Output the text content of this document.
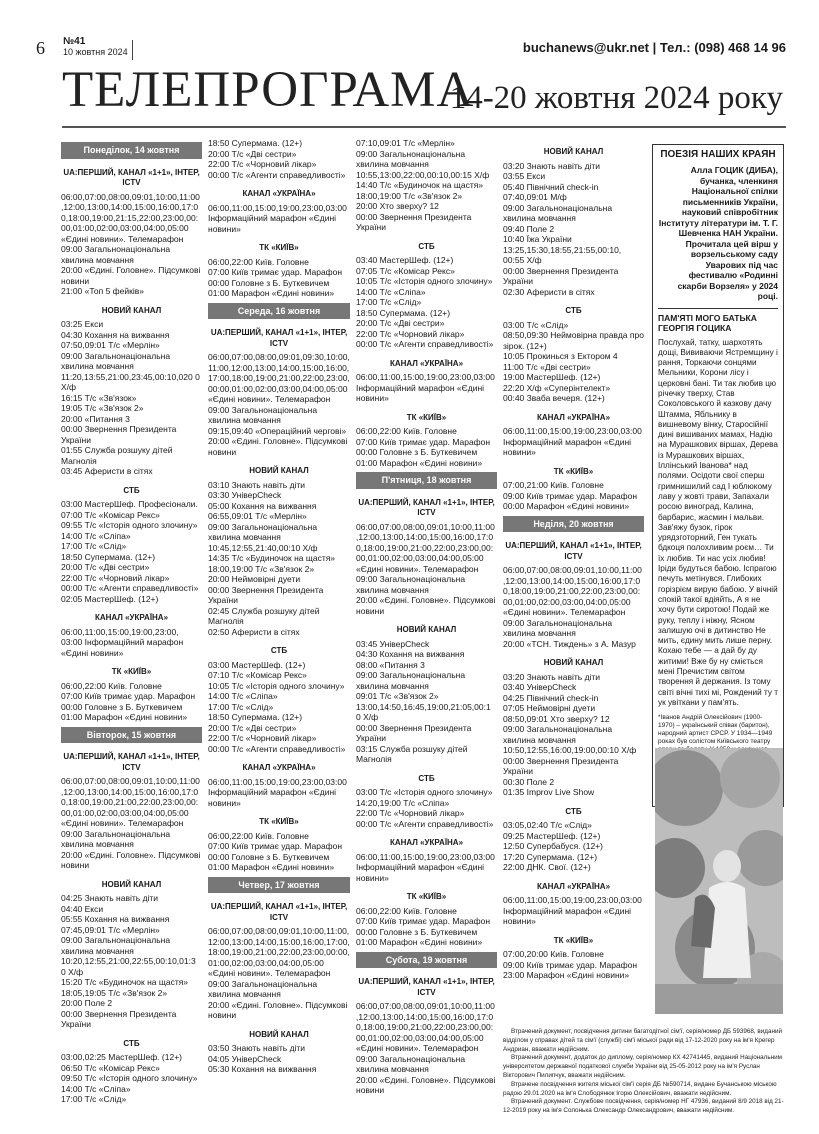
6 №41
10 жовтня 2024	buchanews@ukr.net | Тел.: (098) 468 14 96
ТЕЛЕПРОГРАМА
14-20 жовтня 2024 року
Понеділок, 14 жовтня
UA:ПЕРШИЙ, КАНАЛ «1+1», ІНТЕР, ICTV
06:00,07:00,08:00,09:01,10:00,11:00,12:00,13:00,14:00,15:00,16:00,17:00,18:00,19:00,21:15,22:00,23:00,00:00,01:00,02:00,03:00,04:00,05:00 «Єдині новини». Телемарафон
09:00 Загальнонаціональна хвилина мовчання
20:00 «Єдині. Головне». Підсумкові новини
21:00 «Топ 5 фейків»
НОВИЙ КАНАЛ
03:25 Екси
04:30 Кохання на вижвання
07:50,09:01 Т/с «Мерлін»
09:00 Загальнонаціональна хвилина мовчання
11:20,13:55,21:00,23:45,00:10,020 0 Х/ф
16:15 Т/с «Зв'язок»
19:05 Т/с «Зв'язок 2»
20:00 «Питання 3
00:00 Звернення Президента України
01:55 Служба розшуку дітей Магнолія
03:45 Аферисти в сітях
СТБ
03:00 МастерШеф. Професіонали.
07:00 Т/с «Комісар Рекс»
09:55 Т/с «Історія одного злочину»
14:00 Т/с «Сліпа»
17:00 Т/с «Слід»
18:50 Супермама. (12+)
20:00 Т/с «Дві сестри»
22:00 Т/с «Чорновий лікар»
00:00 Т/с «Агенти справедливості»
02:05 МастерШеф. (12+)
КАНАЛ «УКРАЇНА»
06:00,11:00,15:00,19:00,23:00, 03:00 Інформаційний марафон «Єдині новини»
ТК «КИЇВ»
06:00,22:00 Київ. Головне
07:00 Київ тримає удар. Марафон
00:00 Головне з Б. Буткевичем
01:00 Марафон «Єдині новини»
Вівторок, 15 жовтня
UA:ПЕРШИЙ, КАНАЛ «1+1», ІНТЕР, ICTV
06:00,07:00,08:00,09:01,10:00,11:00,12:00,13:00,14:00,15:00,16:00,17:00,18:00,19:00,21:00,22:00,23:00,00:00,01:00,02:00,03:00,04:00,05:00 «Єдині новини». Телемарафон
09:00 Загальнонаціональна хвилина мовчання
20:00 «Єдині. Головне». Підсумкові новини
НОВИЙ КАНАЛ
04:25 Знають навіть діти
04:40 Екси
05:55 Кохання на вижвання
07:45,09:01 Т/с «Мерлін»
09:00 Загальнонаціональна хвилина мовчання
10:20,12:55,21:00,22:55,00:10,01:3 0 Х/ф
15:20 Т/с «Будиночок на щастя»
18:05,19:05 Т/с «Зв'язок 2»
20:00 Поле 2
00:00 Звернення Президента України
СТБ
03:00,02:25 МастерШеф. (12+)
06:50 Т/с «Комісар Рекс»
09:50 Т/с «Історія одного злочину»
14:00 Т/с «Сліпа»
17:00 Т/с «Слід»
18:50 Супермама. (12+)
20:00 Т/с «Дві сестри»
22:00 Т/с «Чорновий лікар»
00:00 Т/с «Агенти справедливості»
КАНАЛ «УКРАЇНА»
06:00,11:00,15:00,19:00,23:00,03:00 Інформаційний марафон «Єдині новини»
ТК «КИЇВ»
06:00,22:00 Київ. Головне
07:00 Київ тримає удар. Марафон
00:00 Головне з Б. Буткевичем
01:00 Марафон «Єдині новини»
Середа, 16 жовтня
UA:ПЕРШИЙ, КАНАЛ «1+1», ІНТЕР, ICTV
06:00,07:00,08:00,09:01,09:30,10:00,11:00,12:00,13:00,14:00,15:00,16:00,17:00,18:00,19:00,21:00,22:00,23:00,00:00,01:00,02:00,03:00,04:00,05:00 «Єдині новини». Телемарафон
09:00 Загальнонаціональна хвилина мовчання
09:15,09:40 «Операційний чергові»
20:00 «Єдині. Головне». Підсумкові новини
НОВИЙ КАНАЛ
03:10 Знають навіть діти
03:30 УнiверCheck
05:00 Кохання на вижвання
06:55,09:01 Т/с «Мерлін»
09:00 Загальнонаціональна хвилина мовчання
10:45,12:55,21:40,00:10 Х/ф
14:35 Т/с «Будиночок на щастя»
18:00,19:00 Т/с «Зв'язок 2»
20:00 Неймовірні дуети
00:00 Звернення Президента України
02:45 Служба розшуку дітей Магнолія
02:50 Аферисти в сітях
СТБ
03:00 МастерШеф. (12+)
07:10 Т/с «Комісар Рекс»
10:05 Т/с «Історія одного злочину»
14:00 Т/с «Сліпа»
17:00 Т/с «Слід»
18:50 Супермама. (12+)
20:00 Т/с «Дві сестри»
22:00 Т/с «Чорновий лікар»
00:00 Т/с «Агенти справедливості»
КАНАЛ «УКРАЇНА»
06:00,11:00,15:00,19:00,23:00,03:00 Інформаційний марафон «Єдині новини»
ТК «КИЇВ»
06:00,22:00 Київ. Головне
07:00 Київ тримає удар. Марафон
00:00 Головне з Б. Буткевичем
01:00 Марафон «Єдині новини»
Четвер, 17 жовтня
UA:ПЕРШИЙ, КАНАЛ «1+1», ІНТЕР, ICTV
06:00,07:00,08:00,09:01,10:00,11:00,12:00,13:00,14:00,15:00,16:00,17:00,18:00,19:00,21:00,22:00,23:00,00:00,01:00,02:00,03:00,04:00,05:00 «Єдині новини». Телемарафон
09:00 Загальнонаціональна хвилина мовчання
20:00 «Єдині. Головне». Підсумкові новини
НОВИЙ КАНАЛ
03:50 Знають навіть діти
04:05 УнiверCheck
05:30 Кохання на вижвання
07:10,09:01 Т/с «Мерлін»
09:00 Загальнонаціональна хвилина мовчання
10:55,13:00,22:00,00:10,00:15 Х/ф
14:40 Т/с «Будиночок на щастя»
18:00,19:00 Т/с «Зв'язок 2»
20:00 Хто зверху? 12
00:00 Звернення Президента України
СТБ
03:40 МастерШеф. (12+)
07:05 Т/с «Комісар Рекс»
10:05 Т/с «Історія одного злочину»
14:00 Т/с «Сліпа»
17:00 Т/с «Слід»
18:50 Супермама. (12+)
20:00 Т/с «Дві сестри»
22:00 Т/с «Чорновий лікар»
00:00 Т/с «Агенти справедливості»
КАНАЛ «УКРАЇНА»
06:00,11:00,15:00,19:00,23:00,03:00 Інформаційний марафон «Єдині новини»
ТК «КИЇВ»
06:00,22:00 Київ. Головне
07:00 Київ тримає удар. Марафон
00:00 Головне з Б. Буткевичем
01:00 Марафон «Єдині новини»
П'ятниця, 18 жовтня
UA:ПЕРШИЙ, КАНАЛ «1+1», ІНТЕР, ICTV
06:00,07:00,08:00,09:01,10:00,11:00,12:00,13:00,14:00,15:00,16:00,17:00,18:00,19:00,21:00,22:00,23:00,00:00,01:00,02:00,03:00,04:00,05:00 «Єдині новини». Телемарафон
09:00 Загальнонаціональна хвилина мовчання
20:00 «Єдині. Головне». Підсумкові новини
НОВИЙ КАНАЛ
03:45 УнiверCheck
04:30 Кохання на вижвання
08:00 «Питання 3
09:00 Загальнонаціональна хвилина мовчання
09:01 Т/с «Зв'язок 2»
13:00,14:50,16:45,19:00,21:05,00:1 0 Х/ф
00:00 Звернення Президента України
03:15 Служба розшуку дітей Магнолія
СТБ
03:00 Т/с «Історія одного злочину»
14:20,19:00 Т/с «Сліпа»
22:00 Т/с «Чорновий лікар»
00:00 Т/с «Агенти справедливості»
КАНАЛ «УКРАЇНА»
06:00,11:00,15:00,19:00,23:00,03:00 Інформаційний марафон «Єдині новини»
ТК «КИЇВ»
06:00,22:00 Київ. Головне
07:00 Київ тримає удар. Марафон
00:00 Головне з Б. Буткевичем
01:00 Марафон «Єдині новини»
Субота, 19 жовтня
UA:ПЕРШИЙ, КАНАЛ «1+1», ІНТЕР, ICTV
06:00,07:00,08:00,09:01,10:00,11:00,12:00,13:00,14:00,15:00,16:00,17:00,18:00,19:00,21:00,22:00,23:00,00:00,01:00,02:00,03:00,04:00,05:00 «Єдині новини». Телемарафон
09:00 Загальнонаціональна хвилина мовчання
20:00 «Єдині. Головне». Підсумкові новини
НОВИЙ КАНАЛ
03:20 Знають навіть діти
03:55 Екси
05:40 Північний check-in
07:40,09:01 М/ф
09:00 Загальнонаціональна хвилина мовчання
09:40 Поле 2
10:40 Їжа України
13:25,15:30,18:55,21:55,00:10, 00:55 Х/ф
00:00 Звернення Президента України
02:30 Аферисти в сітях
СТБ
03:00 Т/с «Слід»
08:50,09:30 Неймовірна правда про зірок. (12+)
10:05 Прокинься з Ектором 4
11:00 Т/с «Дві сестри»
19:00 МастерШеф. (12+)
22:20 Х/ф «Суперінтелект»
00:40 Зваба вечеря. (12+)
КАНАЛ «УКРАЇНА»
06:00,11:00,15:00,19:00,23:00,03:00 Інформаційний марафон «Єдині новини»
ТК «КИЇВ»
07:00,21:00 Київ. Головне
09:00 Київ тримає удар. Марафон
00:00 Марафон «Єдині новини»
Неділя, 20 жовтня
UA:ПЕРШИЙ, КАНАЛ «1+1», ІНТЕР, ICTV
06:00,07:00,08:00,09:01,10:00,11:00,12:00,13:00,14:00,15:00,16:00,17:00,18:00,19:00,21:00,22:00,23:00,00:00,01:00,02:00,03:00,04:00,05:00 «Єдині новини». Телемарафон
09:00 Загальнонаціональна хвилина мовчання
20:00 «ТСН. Тиждень» з А. Мазур
НОВИЙ КАНАЛ
03:20 Знають навіть діти
03:40 УнiверCheck
04:25 Північний check-in
07:05 Неймовірні дуети
08:50,09:01 Хто зверху? 12
09:00 Загальнонаціональна хвилина мовчання
10:50,12:55,16:00,19:00,00:10 Х/ф
00:00 Звернення Президента України
00:30 Поле 2
01:35 Improv Live Show
СТБ
03:05,02:40 Т/с «Слід»
09:25 МастерШеф. (12+)
12:50 Супербабуся. (12+)
17:20 Супермама. (12+)
22:00 ДНК. Свої. (12+)
КАНАЛ «УКРАЇНА»
06:00,11:00,15:00,19:00,23:00,03:00 Інформаційний марафон «Єдині новини»
ТК «КИЇВ»
07:00,20:00 Київ. Головне
09:00 Київ тримає удар. Марафон
23:00 Марафон «Єдині новини»
ПОЕЗІЯ НАШИХ КРАЯН
Алла ГОЦИК (ДИБА), бучанка, членкиня Національної спілки письменників України, науковий співробітник Інституту літератури ім. Т. Г. Шевченка НАН України. Прочитала цей вірш у ворзельському саду Уварових під час фестивалю «Родинні скарби Ворзеля» у 2024 році.
ПАМ'ЯТІ МОГО БАТЬКА ГЕОРГІЯ ГОЦИКА
Послухай, татку, шархотять дощі, Вививаючи Ястремщину і рання, Торкаючи сонцями Мельники, Корони лісу і церковні бані. Ти так любив цю річечку тверху, Став Соколовського й казкову дачу Штамма, Ябльнику в вишневому вінку, Старосійнії дині вишиваних мамах, Надію на Мурашкових віршах, Дерева із Мурашкових віршах, Іллінський Іванова* над полями. Осідоти свої сперш гримнишилий сад І юблюкому лаву у жовті трави, Запахали росою виноград, Калина, барбарис, жасмин і мальви. Зав'яжу бузок, гірок урядзготорний, Ген тукать бдкоця полохливим роєм… Ти їх любив. Ти нас усіх любив! Іріди будуться бабою. Іспрагою печуть метінувся. Глибоких горізрієм вирую бабою. У вічній спокій такої вдіяйть, А я не хочу бути сиротою! Подай же руку, теплу і ніжну, Ясном залишую очі в дитинство Не мить, єдину мить лише перну. Кохаю тебе — а дай бу ду житими! Вже бу ну сміється мені Пречистим світом творення й держания. Із тому світі вічні тихі мі, Рождений ту т ук увіткани у пам'ять.
*Іванов Андрій Олексійович (1900-1970) – український співак (баритон), народний артист СРСР. У 1934—1949 роках був солістом Київського театру

Втрачений документ, посвідчення дитини багатодітної сім'ї, серія/номер ДБ 593968, виданий відділом у справах дітей та сім'ї (службі) сім'ї міської ради від 17-12-2020 року на ім'я Крегер Андриан, вважати недійсним.

Втрачений документ, додаток до диплому, серія/номер КХ 42741445, виданий Національним університетом державної податкової служби України від 25-05-2012 року на ім'я Руслан Вікторович Пилипчук, вважати недійсним.

Втрачене посвідчення жителя міської сім'ї серія ДБ №590714, видане Бучанською міською радою 29.01.2020 на ім'я Слободянюк Ігорю Олексійович, вважати недійсним.

Втрачений документ. Службове посвідчення, серія/номер НГ 47936, виданий 8/9 2018 від 21-12-2019 року на ім'я Солонька Олександр Олександрович, вважати недійсним.
